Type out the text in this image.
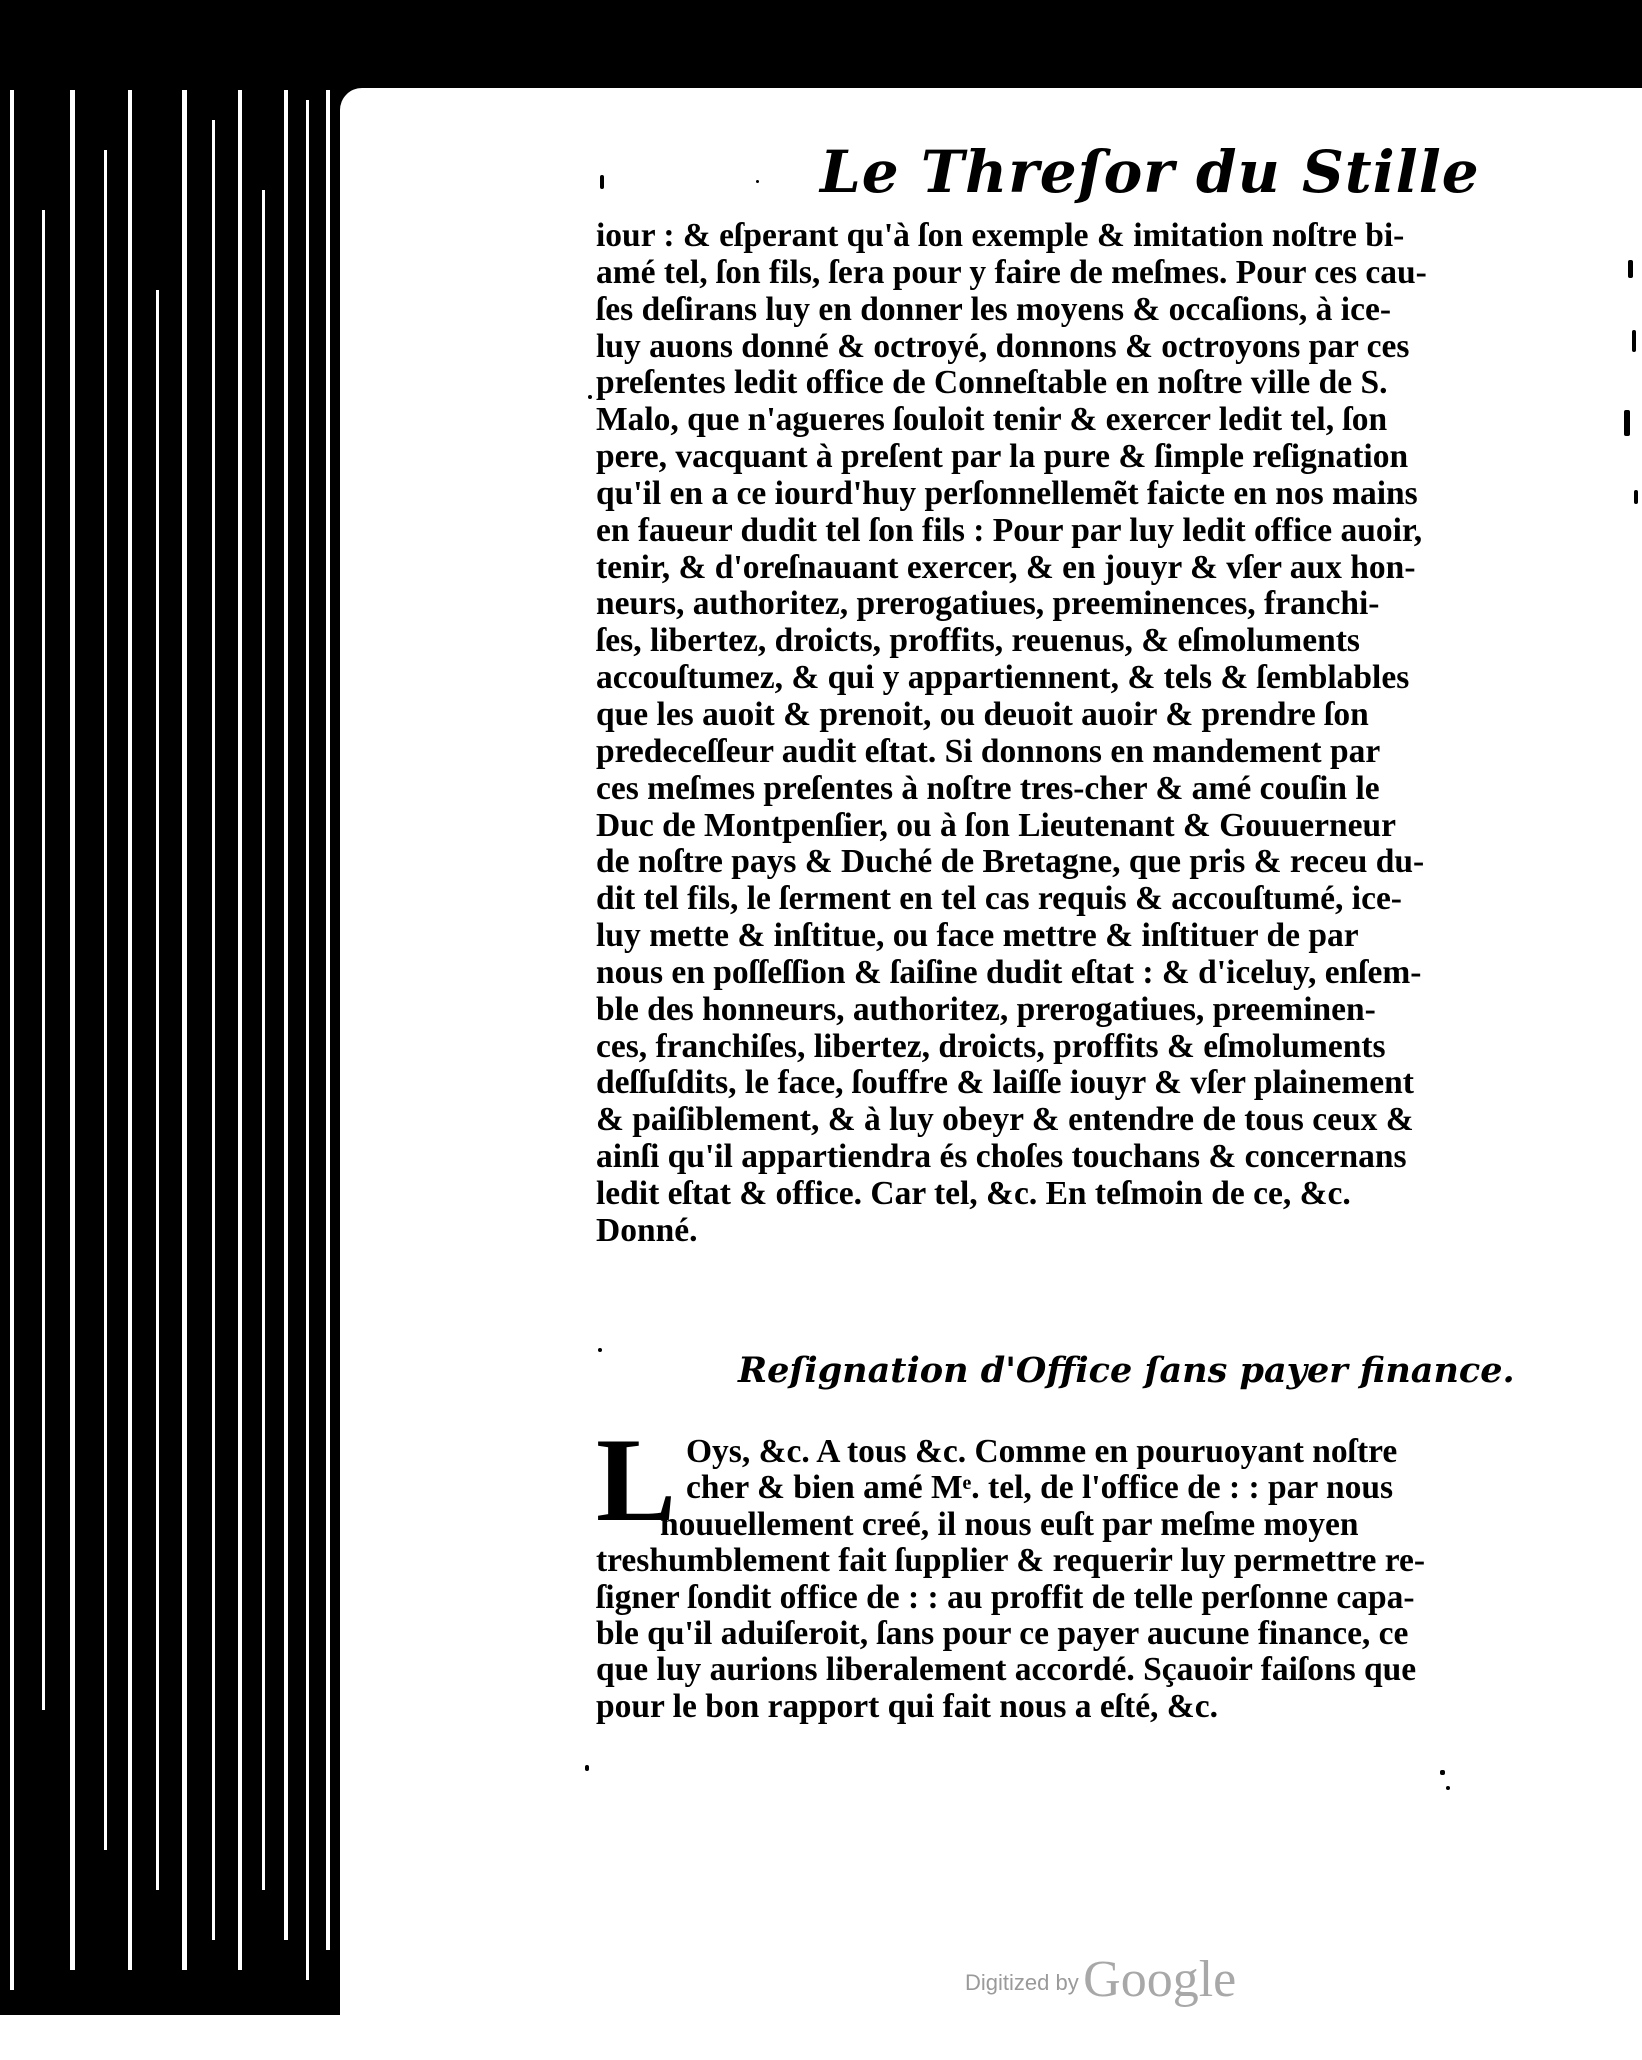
Le Threſor du Stille
iour : & eſperant qu'à ſon exemple & imitation noſtre bi-
amé tel, ſon fils, ſera pour y faire de meſmes. Pour ces cau-
ſes deſirans luy en donner les moyens & occaſions, à ice-
luy auons donné & octroyé, donnons & octroyons par ces
preſentes ledit office de Conneſtable en noſtre ville de S.
Malo, que n'agueres ſouloit tenir & exercer ledit tel, ſon
pere, vacquant à preſent par la pure & ſimple reſignation
qu'il en a ce iourd'huy perſonnellemẽt faicte en nos mains
en faueur dudit tel ſon fils : Pour par luy ledit office auoir,
tenir, & d'oreſnauant exercer, & en jouyr & vſer aux hon-
neurs, authoritez, prerogatiues, preeminences, franchi-
ſes, libertez, droicts, proffits, reuenus, & eſmoluments
accouſtumez, & qui y appartiennent, & tels & ſemblables
que les auoit & prenoit, ou deuoit auoir & prendre ſon
predeceſſeur audit eſtat. Si donnons en mandement par
ces meſmes preſentes à noſtre tres-cher & amé couſin le
Duc de Montpenſier, ou à ſon Lieutenant & Gouuerneur
de noſtre pays & Duché de Bretagne, que pris & receu du-
dit tel fils, le ſerment en tel cas requis & accouſtumé, ice-
luy mette & inſtitue, ou face mettre & inſtituer de par
nous en poſſeſſion & ſaiſine dudit eſtat : & d'iceluy, enſem-
ble des honneurs, authoritez, prerogatiues, preeminen-
ces, franchiſes, libertez, droicts, proffits & eſmoluments
deſſuſdits, le face, ſouffre & laiſſe iouyr & vſer plainement
& paiſiblement, & à luy obeyr & entendre de tous ceux &
ainſi qu'il appartiendra és choſes touchans & concernans
ledit eſtat & office. Car tel, &c. En teſmoin de ce, &c.
Donné.
Reſignation d'Office ſans payer finance.
L Oys, &c. A tous &c. Comme en pouruoyant noſtre
cher & bien amé Mᵉ. tel, de l'office de : : par nous
nouuellement creé, il nous euſt par meſme moyen
treshumblement fait ſupplier & requerir luy permettre re-
ſigner ſondit office de : : au proffit de telle perſonne capa-
ble qu'il aduiſeroit, ſans pour ce payer aucune finance, ce
que luy aurions liberalement accordé. Sçauoir faiſons que
pour le bon rapport qui fait nous a eſté, &c.
Digitized by Google
